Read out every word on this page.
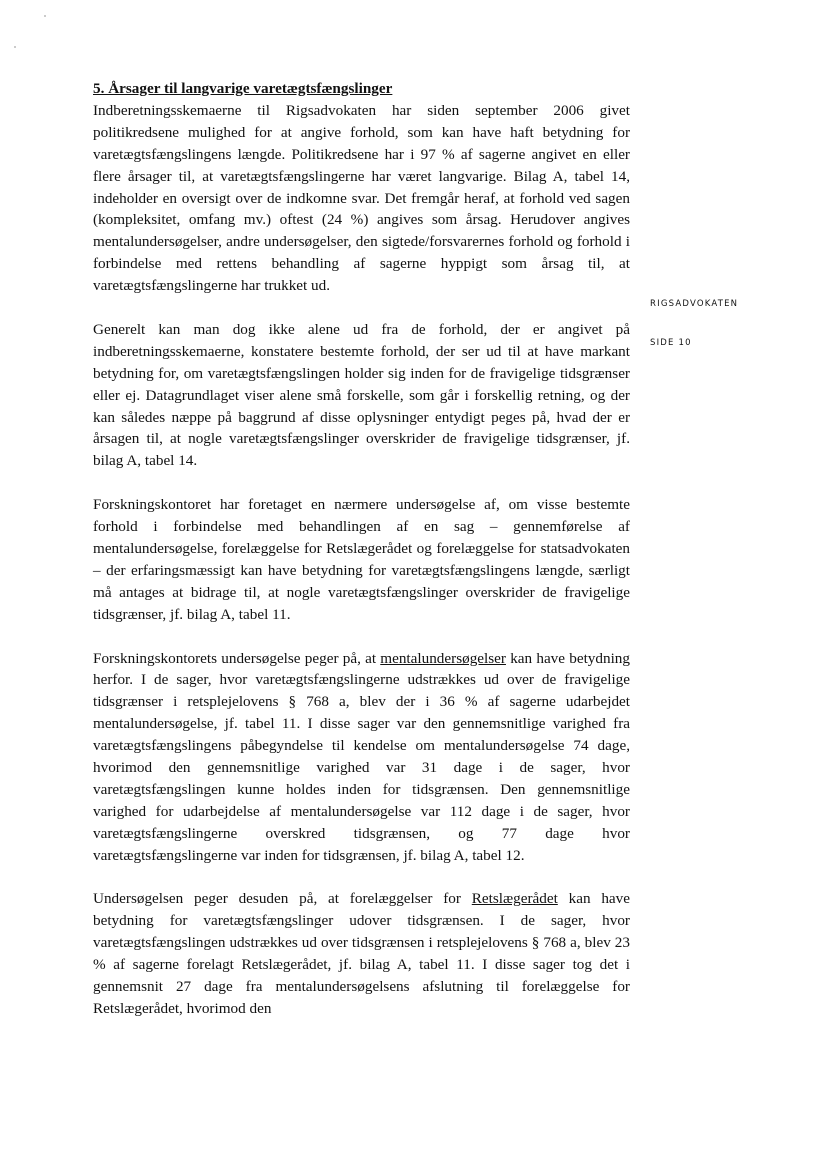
5. Årsager til langvarige varetægtsfængslinger

Indberetningsskemaerne til Rigsadvokaten har siden september 2006 givet politikredsene mulighed for at angive forhold, som kan have haft betydning for varetægtsfængslingens længde. Politikredsene har i 97 % af sagerne angivet en eller flere årsager til, at varetægtsfængslingerne har været langvarige. Bilag A, tabel 14, indeholder en oversigt over de indkomne svar. Det fremgår heraf, at forhold ved sagen (kompleksitet, omfang mv.) oftest (24 %) angives som årsag. Herudover angives mentalundersøgelser, andre undersøgelser, den sigtede/forsvarernes forhold og forhold i forbindelse med rettens behandling af sagerne hyppigt som årsag til, at varetægtsfængslingerne har trukket ud.

Generelt kan man dog ikke alene ud fra de forhold, der er angivet på indberetningsskemaerne, konstatere bestemte forhold, der ser ud til at have markant betydning for, om varetægtsfængslingen holder sig inden for de fravigelige tidsgrænser eller ej. Datagrundlaget viser alene små forskelle, som går i forskellig retning, og der kan således næppe på baggrund af disse oplysninger entydigt peges på, hvad der er årsagen til, at nogle varetægtsfængslinger overskrider de fravigelige tidsgrænser, jf. bilag A, tabel 14.

Forskningskontoret har foretaget en nærmere undersøgelse af, om visse bestemte forhold i forbindelse med behandlingen af en sag – gennemførelse af mentalundersøgelse, forelæggelse for Retslægerådet og forelæggelse for statsadvokaten – der erfaringsmæssigt kan have betydning for varetægtsfængslingens længde, særligt må antages at bidrage til, at nogle varetægtsfængslinger overskrider de fravigelige tidsgrænser, jf. bilag A, tabel 11.

Forskningskontorets undersøgelse peger på, at mentalundersøgelser kan have betydning herfor. I de sager, hvor varetægtsfængslingerne udstrækkes ud over de fravigelige tidsgrænser i retsplejelovens § 768 a, blev der i 36 % af sagerne udarbejdet mentalundersøgelse, jf. tabel 11. I disse sager var den gennemsnitlige varighed fra varetægtsfængslingens påbegyndelse til kendelse om mentalundersøgelse 74 dage, hvorimod den gennemsnitlige varighed var 31 dage i de sager, hvor varetægtsfængslingen kunne holdes inden for tidsgrænsen. Den gennemsnitlige varighed for udarbejdelse af mentalundersøgelse var 112 dage i de sager, hvor varetægtsfængslingerne overskred tidsgrænsen, og 77 dage hvor varetægtsfængslingerne var inden for tidsgrænsen, jf. bilag A, tabel 12.

Undersøgelsen peger desuden på, at forelæggelser for Retslægerådet kan have betydning for varetægtsfængslinger udover tidsgrænsen. I de sager, hvor varetægtsfængslingen udstrækkes ud over tidsgrænsen i retsplejelovens § 768 a, blev 23 % af sagerne forelagt Retslægerådet, jf. bilag A, tabel 11. I disse sager tog det i gennemsnit 27 dage fra mentalundersøgelsens afslutning til forelæggelse for Retslægerådet, hvorimod den

RIGSADVOKATEN
SIDE 10
